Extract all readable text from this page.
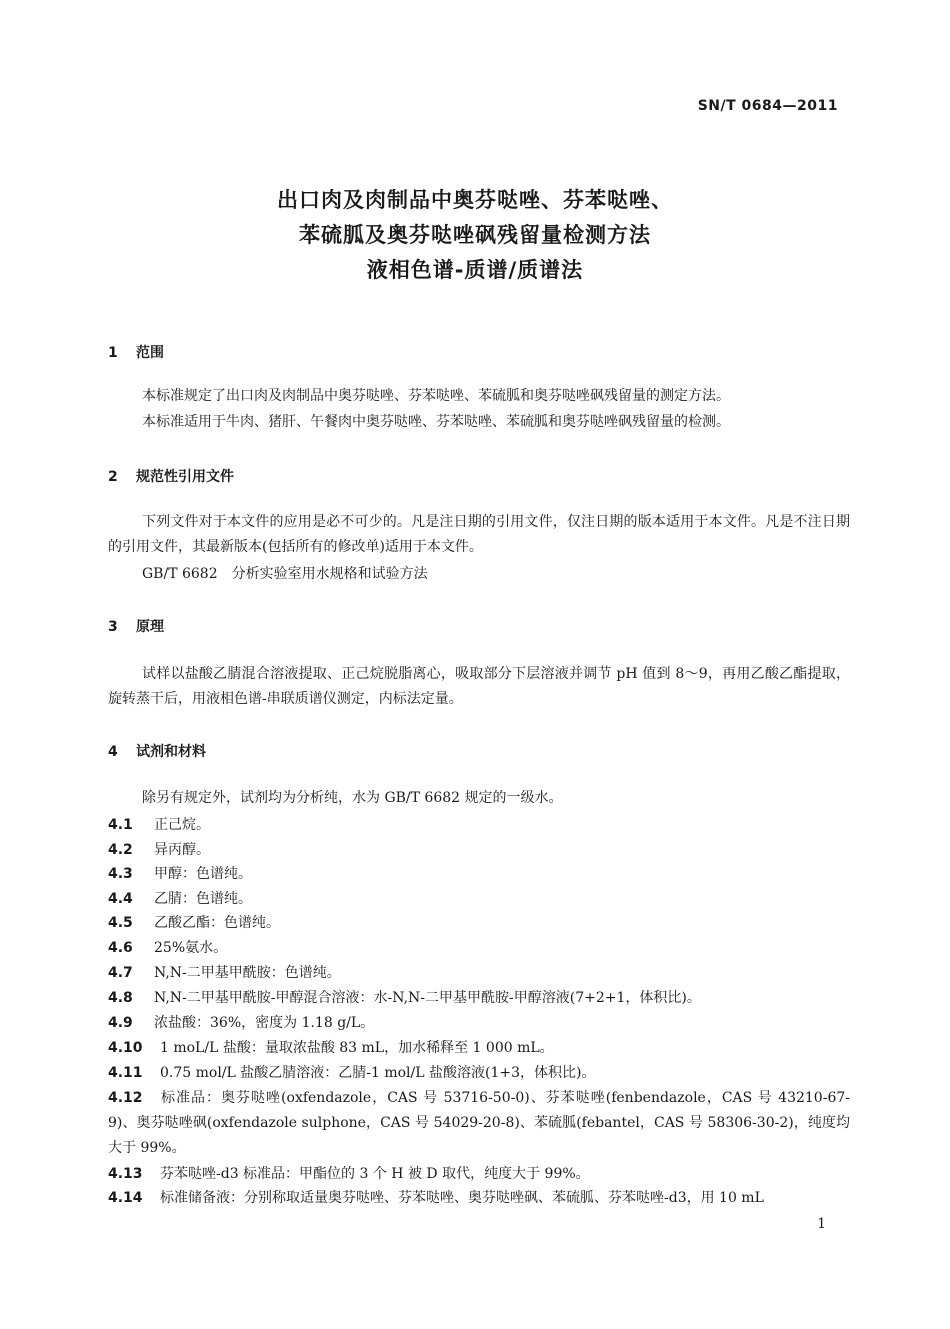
SN/T 0684—2011
出口肉及肉制品中奥芬哒唑、芬苯哒唑、
苯硫胍及奥芬哒唑砜残留量检测方法
液相色谱-质谱/质谱法
1 范围
本标准规定了出口肉及肉制品中奥芬哒唑、芬苯哒唑、苯硫胍和奥芬哒唑砜残留量的测定方法。
本标准适用于牛肉、猪肝、午餐肉中奥芬哒唑、芬苯哒唑、苯硫胍和奥芬哒唑砜残留量的检测。
2 规范性引用文件
下列文件对于本文件的应用是必不可少的。凡是注日期的引用文件，仅注日期的版本适用于本文件。凡是不注日期的引用文件，其最新版本(包括所有的修改单)适用于本文件。
GB/T 6682　分析实验室用水规格和试验方法
3 原理
试样以盐酸乙腈混合溶液提取、正己烷脱脂离心，吸取部分下层溶液并调节 pH 值到 8～9，再用乙酸乙酯提取，旋转蒸干后，用液相色谱-串联质谱仪测定，内标法定量。
4 试剂和材料
除另有规定外，试剂均为分析纯，水为 GB/T 6682 规定的一级水。
4.1 正己烷。
4.2 异丙醇。
4.3 甲醇：色谱纯。
4.4 乙腈：色谱纯。
4.5 乙酸乙酯：色谱纯。
4.6 25%氨水。
4.7 N,N-二甲基甲酰胺：色谱纯。
4.8 N,N-二甲基甲酰胺-甲醇混合溶液：水-N,N-二甲基甲酰胺-甲醇溶液(7+2+1，体积比)。
4.9 浓盐酸：36%，密度为 1.18 g/L。
4.10 1 moL/L 盐酸：量取浓盐酸 83 mL，加水稀释至 1 000 mL。
4.11 0.75 mol/L 盐酸乙腈溶液：乙腈-1 mol/L 盐酸溶液(1+3，体积比)。
4.12 标准品：奥芬哒唑(oxfendazole，CAS 号 53716-50-0)、芬苯哒唑(fenbendazole，CAS 号 43210-67-9)、奥芬哒唑砜(oxfendazole sulphone，CAS 号 54029-20-8)、苯硫胍(febantel，CAS 号 58306-30-2)，纯度均大于 99%。
4.13 芬苯哒唑-d3 标准品：甲酯位的 3 个 H 被 D 取代，纯度大于 99%。
4.14 标准储备液：分别称取适量奥芬哒唑、芬苯哒唑、奥芬哒唑砜、苯硫胍、芬苯哒唑-d3，用 10 mL
1
